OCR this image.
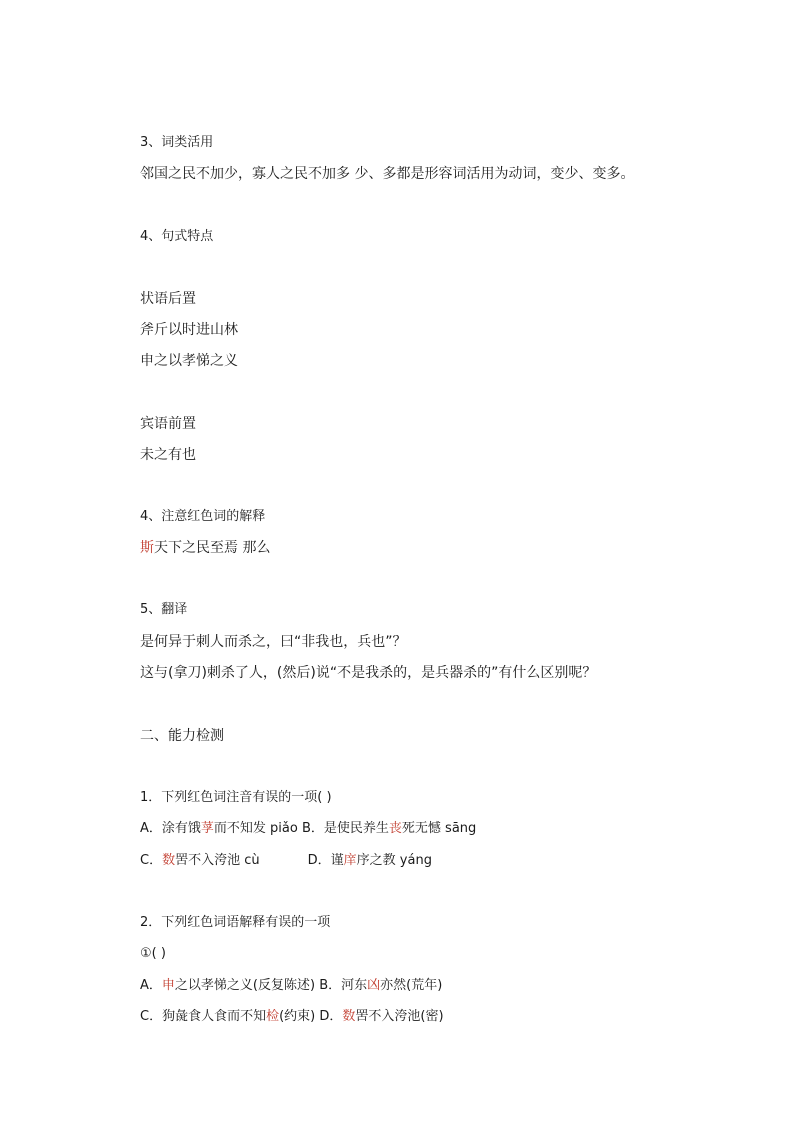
3、词类活用
邻国之民不加少，寡人之民不加多 少、多都是形容词活用为动词，变少、变多。
4、句式特点
状语后置
斧斤以时进山林
申之以孝悌之义
宾语前置
未之有也
4、注意红色词的解释
斯天下之民至焉 那么
5、翻译
是何异于刺人而杀之，曰“非我也，兵也”？
这与(拿刀)刺杀了人，(然后)说“不是我杀的，是兵器杀的”有什么区别呢？
二、能力检测
1．下列红色词注音有误的一项( )
A．涂有饿莩而不知发 piǎo B．是使民养生丧死无憾 sāng
C．数罟不入洿池 cù	D．谨庠序之教 yáng
2．下列红色词语解释有误的一项
①( )
A．申之以孝悌之义(反复陈述) B．河东凶亦然(荒年)
C．狗彘食人食而不知检(约束) D．数罟不入洿池(密)
